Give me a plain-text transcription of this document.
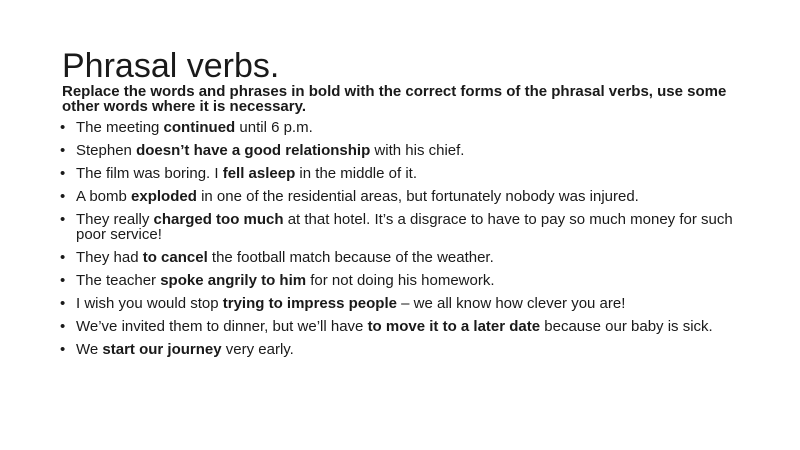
Phrasal verbs.
Replace the words and phrases in bold with the correct forms of the phrasal verbs, use some other words where it is necessary.
• The meeting continued until 6 p.m.
• Stephen doesn’t have a good relationship with his chief.
• The film was boring. I fell asleep in the middle of it.
• A bomb exploded in one of the residential areas, but fortunately nobody was injured.
• They really charged too much at that hotel. It’s a disgrace to have to pay so much money for such poor service!
• They had to cancel the football match because of the weather.
• The teacher spoke angrily to him for not doing his homework.
• I wish you would stop trying to impress people – we all know how clever you are!
• We’ve invited them to dinner, but we’ll have to move it to a later date because our baby is sick.
• We start our journey very early.
